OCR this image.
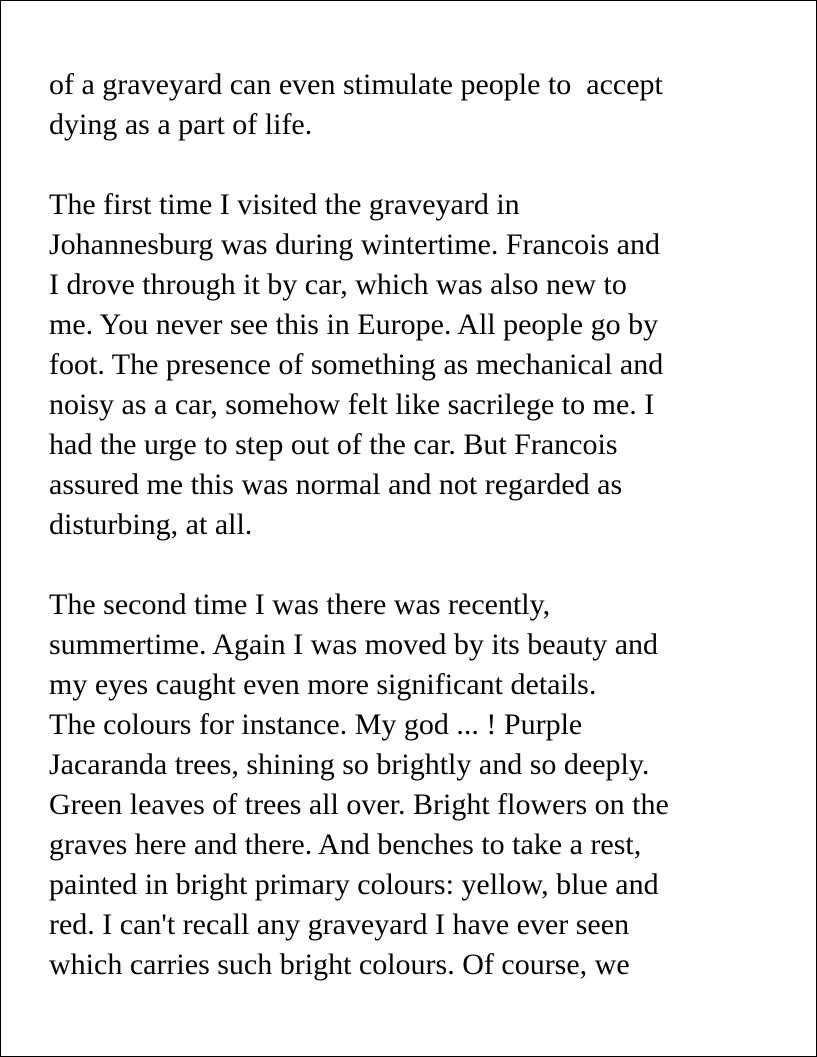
of a graveyard can even stimulate people to  accept

dying as a part of life.

The first time I visited the graveyard in

Johannesburg was during wintertime. Francois and

I drove through it by car, which was also new to

me. You never see this in Europe. All people go by

foot. The presence of something as mechanical and

noisy as a car, somehow felt like sacrilege to me. I

had the urge to step out of the car. But Francois

assured me this was normal and not regarded as

disturbing, at all.

The second time I was there was recently,

summertime. Again I was moved by its beauty and

my eyes caught even more significant details.

The colours for instance. My god ... ! Purple

Jacaranda trees, shining so brightly and so deeply.

Green leaves of trees all over. Bright flowers on the

graves here and there. And benches to take a rest,

painted in bright primary colours: yellow, blue and

red. I can't recall any graveyard I have ever seen

which carries such bright colours. Of course, we
